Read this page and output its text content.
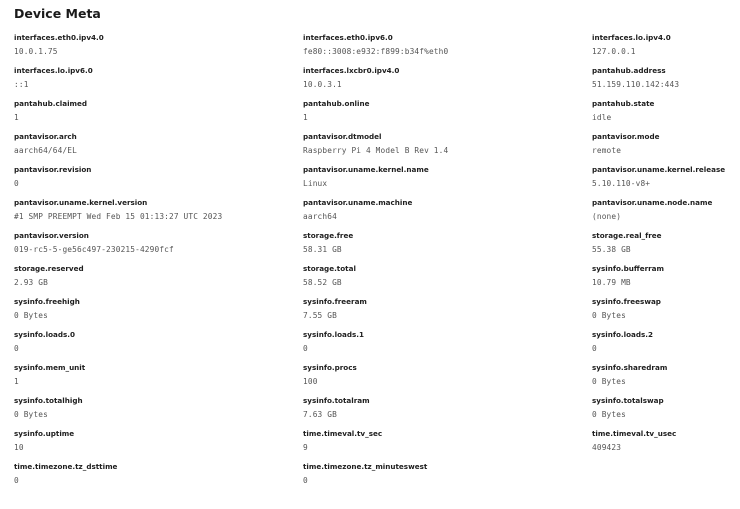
Device Meta
interfaces.eth0.ipv4.0
10.0.1.75
interfaces.eth0.ipv6.0
fe80::3008:e932:f899:b34f%eth0
interfaces.lo.ipv4.0
127.0.0.1
interfaces.lo.ipv6.0
::1
interfaces.lxcbr0.ipv4.0
10.0.3.1
pantahub.address
51.159.110.142:443
pantahub.claimed
1
pantahub.online
1
pantahub.state
idle
pantavisor.arch
aarch64/64/EL
pantavisor.dtmodel
Raspberry Pi 4 Model B Rev 1.4
pantavisor.mode
remote
pantavisor.revision
0
pantavisor.uname.kernel.name
Linux
pantavisor.uname.kernel.release
5.10.110-v8+
pantavisor.uname.kernel.version
#1 SMP PREEMPT Wed Feb 15 01:13:27 UTC 2023
pantavisor.uname.machine
aarch64
pantavisor.uname.node.name
(none)
pantavisor.version
019-rc5-5-ge56c497-230215-4290fcf
storage.free
58.31 GB
storage.real_free
55.38 GB
storage.reserved
2.93 GB
storage.total
58.52 GB
sysinfo.bufferram
10.79 MB
sysinfo.freehigh
0 Bytes
sysinfo.freeram
7.55 GB
sysinfo.freeswap
0 Bytes
sysinfo.loads.0
0
sysinfo.loads.1
0
sysinfo.loads.2
0
sysinfo.mem_unit
1
sysinfo.procs
100
sysinfo.sharedram
0 Bytes
sysinfo.totalhigh
0 Bytes
sysinfo.totalram
7.63 GB
sysinfo.totalswap
0 Bytes
sysinfo.uptime
10
time.timeval.tv_sec
9
time.timeval.tv_usec
409423
time.timezone.tz_dsttime
0
time.timezone.tz_minuteswest
0
